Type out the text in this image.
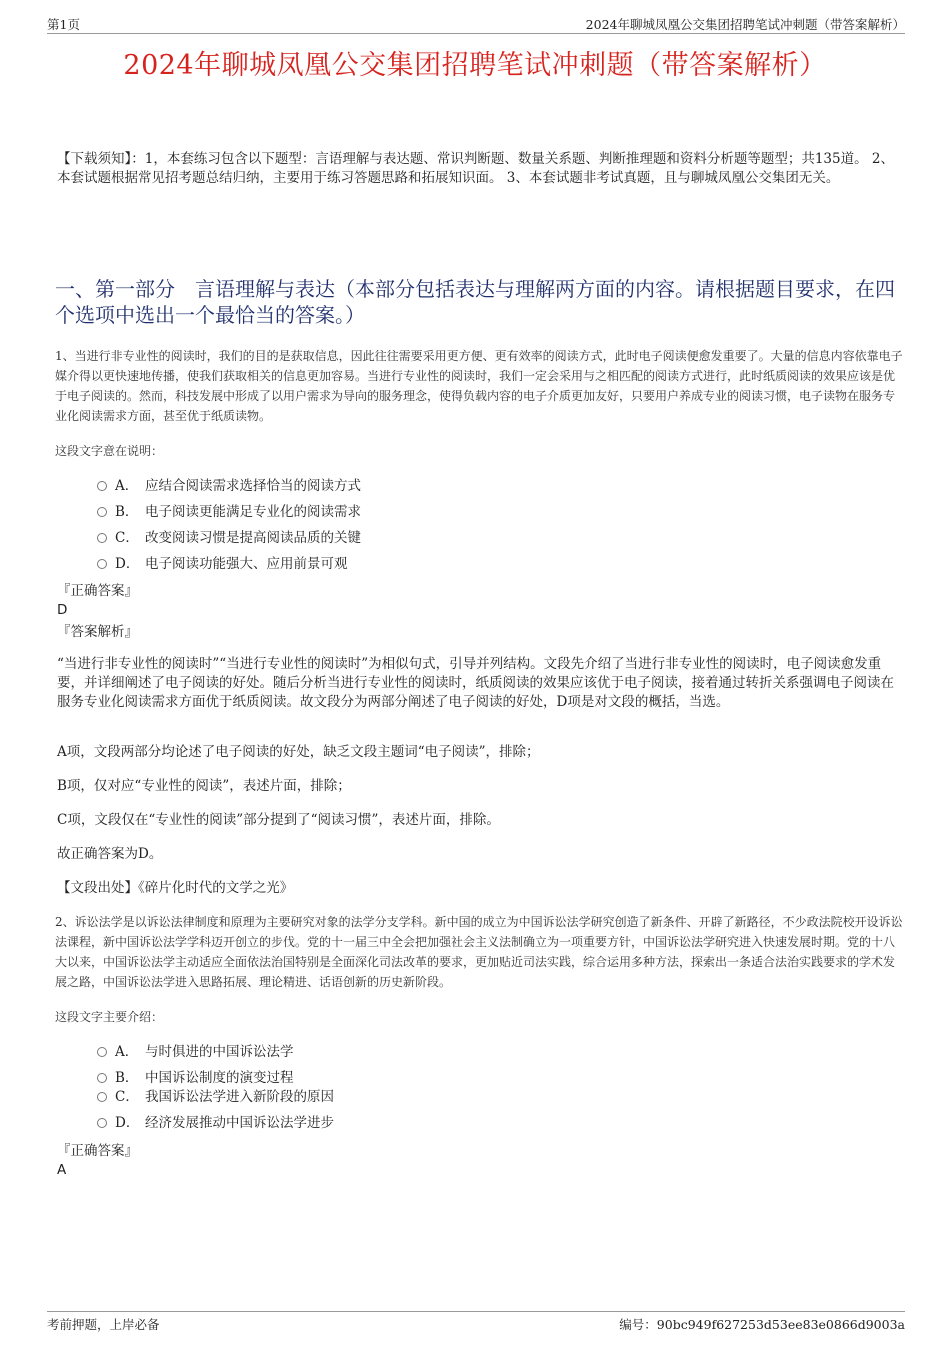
第1页	2024年聊城凤凰公交集团招聘笔试冲刺题（带答案解析）
2024年聊城凤凰公交集团招聘笔试冲刺题（带答案解析）
【下载须知】：1，本套练习包含以下题型：言语理解与表达题、常识判断题、数量关系题、判断推理题和资料分析题等题型；共135道。 2、本套试题根据常见招考题总结归纳，主要用于练习答题思路和拓展知识面。 3、本套试题非考试真题，且与聊城凤凰公交集团无关。
一、第一部分　言语理解与表达（本部分包括表达与理解两方面的内容。请根据题目要求，在四个选项中选出一个最恰当的答案。）
1、当进行非专业性的阅读时，我们的目的是获取信息，因此往往需要采用更方便、更有效率的阅读方式，此时电子阅读便愈发重要了。大量的信息内容依靠电子媒介得以更快速地传播，使我们获取相关的信息更加容易。当进行专业性的阅读时，我们一定会采用与之相匹配的阅读方式进行，此时纸质阅读的效果应该是优于电子阅读的。然而，科技发展中形成了以用户需求为导向的服务理念，使得负载内容的电子介质更加友好，只要用户养成专业的阅读习惯，电子读物在服务专业化阅读需求方面，甚至优于纸质读物。
这段文字意在说明：
A． 应结合阅读需求选择恰当的阅读方式
B． 电子阅读更能满足专业化的阅读需求
C． 改变阅读习惯是提高阅读品质的关键
D． 电子阅读功能强大、应用前景可观
『正确答案』
D
『答案解析』
“当进行非专业性的阅读时”“当进行专业性的阅读时”为相似句式，引导并列结构。文段先介绍了当进行非专业性的阅读时，电子阅读愈发重要，并详细阐述了电子阅读的好处。随后分析当进行专业性的阅读时，纸质阅读的效果应该优于电子阅读，接着通过转折关系强调电子阅读在服务专业化阅读需求方面优于纸质阅读。故文段分为两部分阐述了电子阅读的好处，D项是对文段的概括，当选。
A项，文段两部分均论述了电子阅读的好处，缺乏文段主题词“电子阅读”，排除；
B项，仅对应“专业性的阅读”，表述片面，排除；
C项，文段仅在“专业性的阅读”部分提到了“阅读习惯”，表述片面，排除。
故正确答案为D。
【文段出处】《碎片化时代的文学之光》
2、诉讼法学是以诉讼法律制度和原理为主要研究对象的法学分支学科。新中国的成立为中国诉讼法学研究创造了新条件、开辟了新路径，不少政法院校开设诉讼法课程，新中国诉讼法学学科迈开创立的步伐。党的十一届三中全会把加强社会主义法制确立为一项重要方针，中国诉讼法学研究进入快速发展时期。党的十八大以来，中国诉讼法学主动适应全面依法治国特别是全面深化司法改革的要求，更加贴近司法实践，综合运用多种方法，探索出一条适合法治实践要求的学术发展之路，中国诉讼法学进入思路拓展、理论精进、话语创新的历史新阶段。
这段文字主要介绍：
A． 与时俱进的中国诉讼法学
B． 中国诉讼制度的演变过程
C． 我国诉讼法学进入新阶段的原因
D． 经济发展推动中国诉讼法学进步
『正确答案』
A
考前押题，上岸必备	编号：90bc949f627253d53ee83e0866d9003a
